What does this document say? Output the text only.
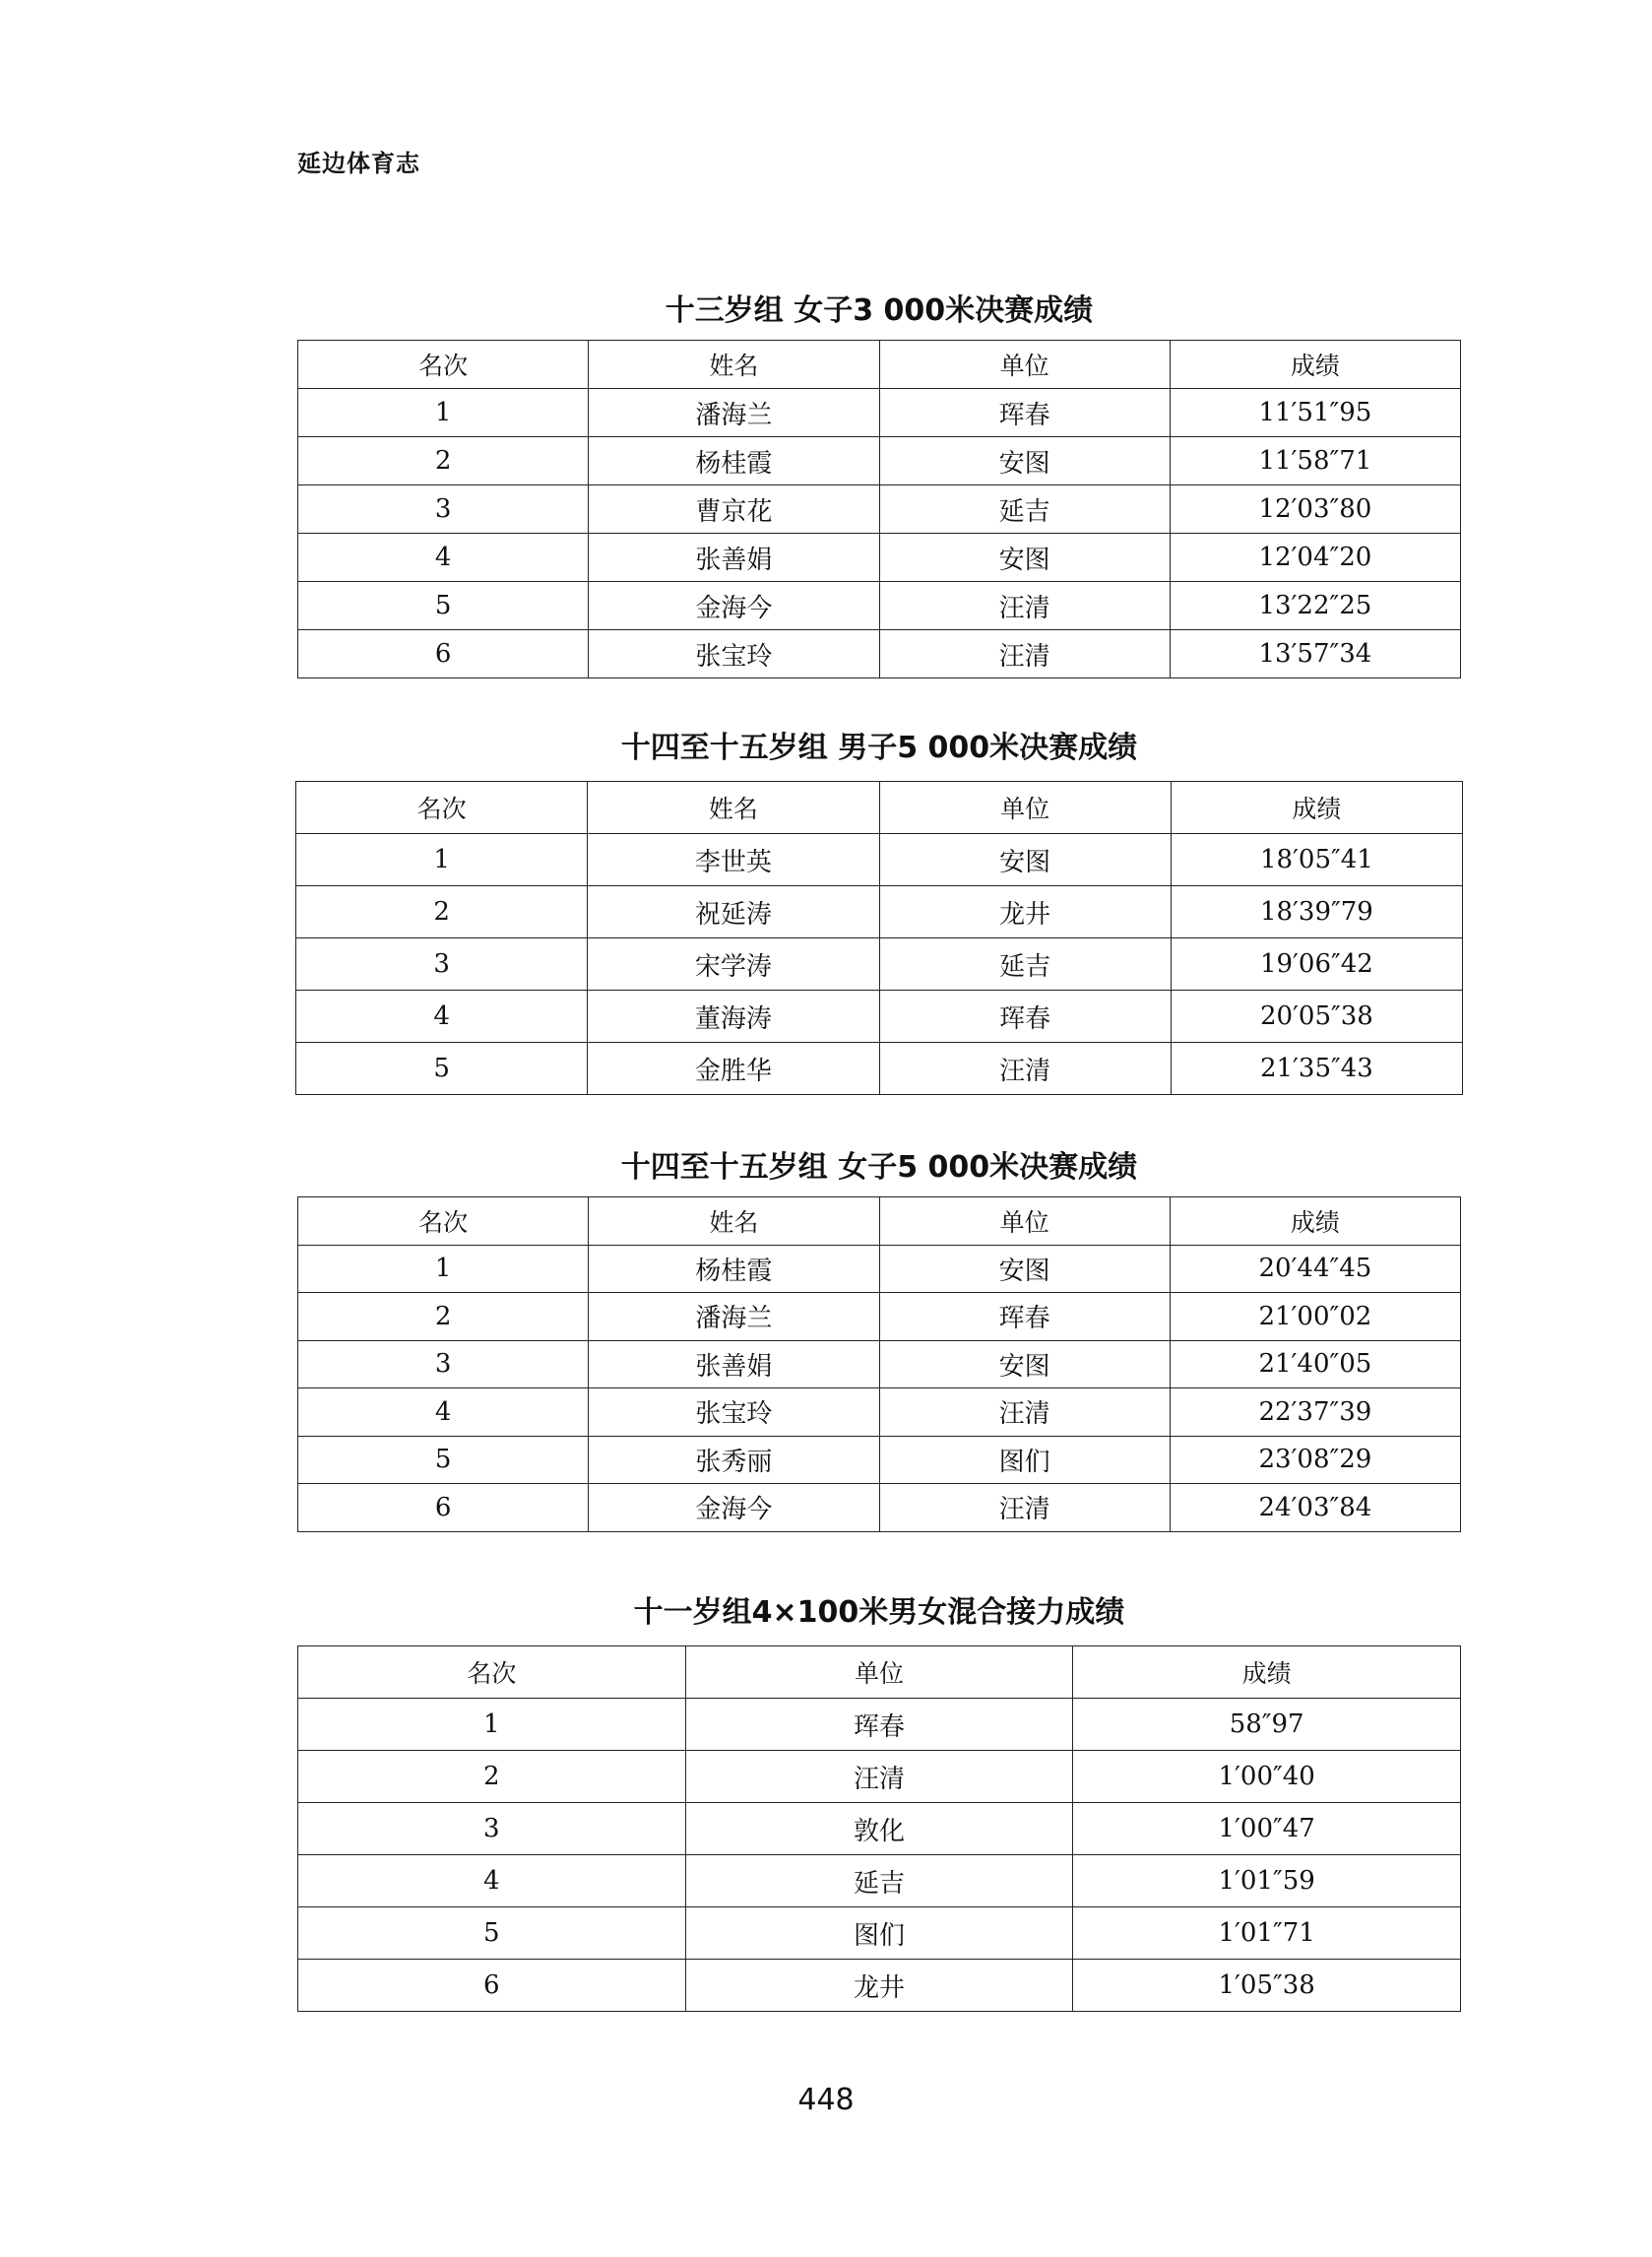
延边体育志
十三岁组 女子3 000米决赛成绩
名次	姓名	单位	成绩
1	潘海兰	珲春	11′51″95
2	杨桂霞	安图	11′58″71
3	曹京花	延吉	12′03″80
4	张善娟	安图	12′04″20
5	金海今	汪清	13′22″25
6	张宝玲	汪清	13′57″34
十四至十五岁组 男子5 000米决赛成绩
名次	姓名	单位	成绩
1	李世英	安图	18′05″41
2	祝延涛	龙井	18′39″79
3	宋学涛	延吉	19′06″42
4	董海涛	珲春	20′05″38
5	金胜华	汪清	21′35″43
十四至十五岁组 女子5 000米决赛成绩
名次	姓名	单位	成绩
1	杨桂霞	安图	20′44″45
2	潘海兰	珲春	21′00″02
3	张善娟	安图	21′40″05
4	张宝玲	汪清	22′37″39
5	张秀丽	图们	23′08″29
6	金海今	汪清	24′03″84
十一岁组4×100米男女混合接力成绩
名次	单位	成绩
1	珲春	58″97
2	汪清	1′00″40
3	敦化	1′00″47
4	延吉	1′01″59
5	图们	1′01″71
6	龙井	1′05″38
448
